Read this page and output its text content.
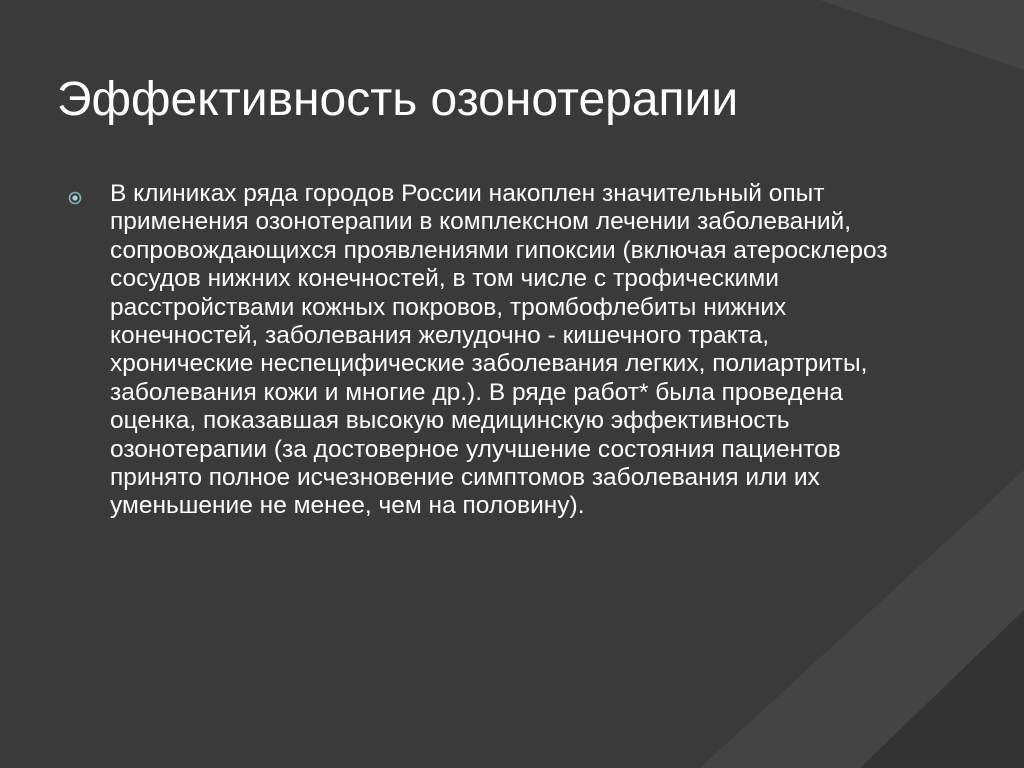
Эффективность озонотерапии

В клиниках ряда городов России накоплен значительный опыт применения озонотерапии в комплексном лечении заболеваний, сопровождающихся проявлениями гипоксии (включая атеросклероз сосудов нижних конечностей, в том числе с трофическими расстройствами кожных покровов, тромбофлебиты нижних конечностей, заболевания желудочно - кишечного тракта, хронические неспецифические заболевания легких, полиартриты, заболевания кожи и многие др.). В ряде работ* была проведена оценка, показавшая высокую медицинскую эффективность озонотерапии (за достоверное улучшение состояния пациентов принято полное исчезновение симптомов заболевания или их уменьшение не менее, чем на половину).
